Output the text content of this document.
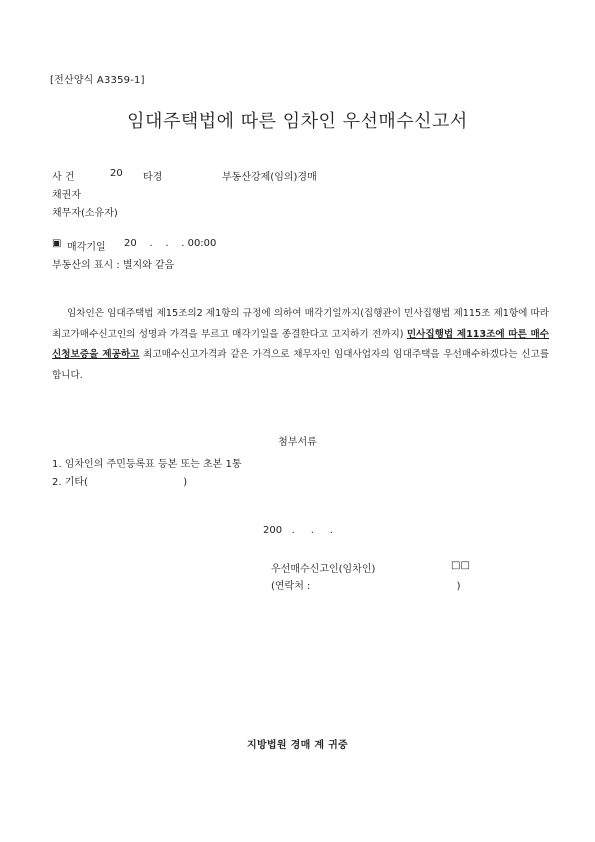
[전산양식 A3359-1]
임대주택법에 따른 임차인 우선매수신고서
사 건	20 타경	부동산강제(임의)경매
채권자
채무자(소유자)
▣ 매각기일 20    .    .    . 00:00
부동산의 표시 : 별지와 같음
임차인은 임대주택법 제15조의2 제1항의 규정에 의하여 매각기일까지(집행관이 민사집행법 제115조 제1항에 따라 최고가매수신고인의 성명과 가격을 부르고 매각기일을 종결한다고 고지하기 전까지) 민사집행법 제113조에 따른 매수신청보증을 제공하고 최고매수신고가격과 같은 가격으로 채무자인 임대사업자의 임대주택을 우선매수하겠다는 신고를 합니다.
첨부서류
1. 임차인의 주민등록표 등본 또는 초본 1통
2. 기타(                              )
200   .     .     .
우선매수신고인(임차인)	□□
(연락처 :                                              )
지방법원 경매 계 귀중
